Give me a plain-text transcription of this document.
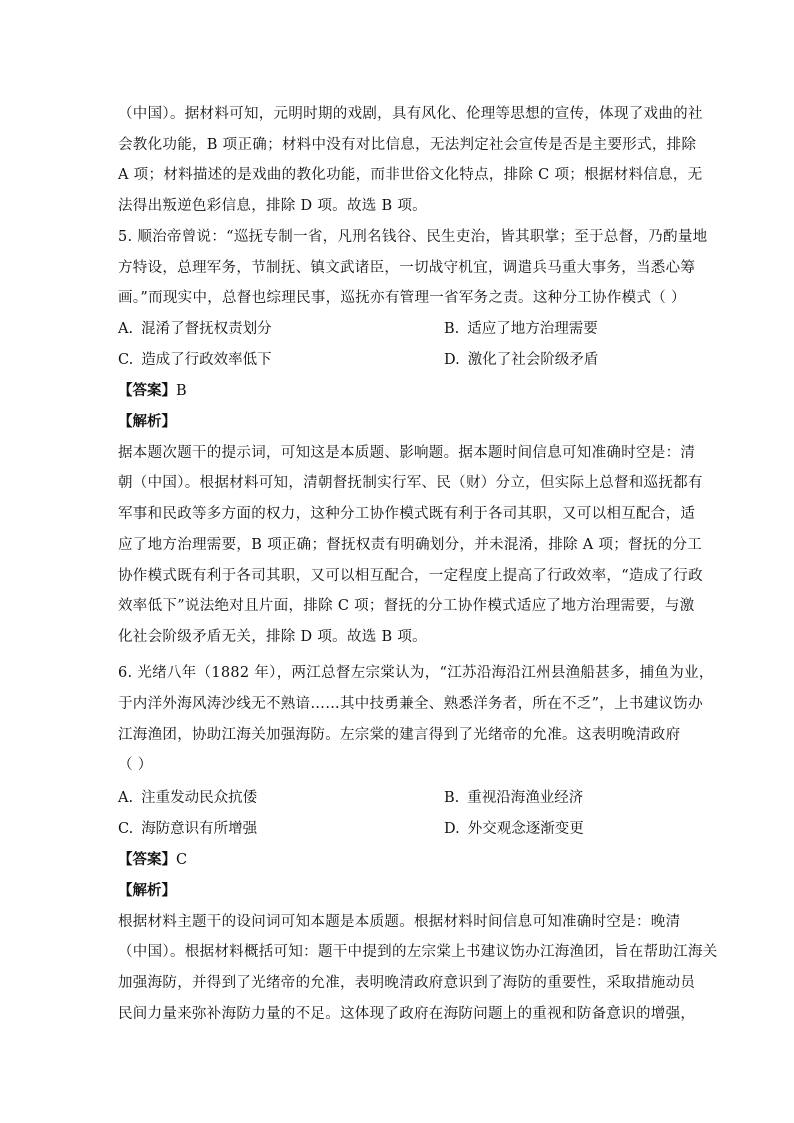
（中国）。据材料可知，元明时期的戏剧，具有风化、伦理等思想的宣传，体现了戏曲的社
会教化功能，B 项正确；材料中没有对比信息，无法判定社会宣传是否是主要形式，排除
A 项；材料描述的是戏曲的教化功能，而非世俗文化特点，排除 C 项；根据材料信息，无
法得出叛逆色彩信息，排除 D 项。故选 B 项。
5. 顺治帝曾说：“巡抚专制一省，凡刑名钱谷、民生吏治，皆其职掌；至于总督，乃酌量地
方特设，总理军务，节制抚、镇文武诸臣，一切战守机宜，调遣兵马重大事务，当悉心筹
画。”而现实中，总督也综理民事，巡抚亦有管理一省军务之责。这种分工协作模式（ ）
A. 混淆了督抚权责划分	B. 适应了地方治理需要
C. 造成了行政效率低下	D. 激化了社会阶级矛盾
【答案】B
【解析】
据本题次题干的提示词，可知这是本质题、影响题。据本题时间信息可知准确时空是：清
朝（中国）。根据材料可知，清朝督抚制实行军、民（财）分立，但实际上总督和巡抚都有
军事和民政等多方面的权力，这种分工协作模式既有利于各司其职，又可以相互配合，适
应了地方治理需要，B 项正确；督抚权责有明确划分，并未混淆，排除 A 项；督抚的分工
协作模式既有利于各司其职，又可以相互配合，一定程度上提高了行政效率，“造成了行政
效率低下”说法绝对且片面，排除 C 项；督抚的分工协作模式适应了地方治理需要，与激
化社会阶级矛盾无关，排除 D 项。故选 B 项。
6. 光绪八年（1882 年），两江总督左宗棠认为，“江苏沿海沿江州县渔船甚多，捕鱼为业，
于内洋外海风涛沙线无不熟谙……其中技勇兼全、熟悉洋务者，所在不乏”，上书建议饬办
江海渔团，协助江海关加强海防。左宗棠的建言得到了光绪帝的允准。这表明晚清政府
（ ）
A. 注重发动民众抗倭	B. 重视沿海渔业经济
C. 海防意识有所增强	D. 外交观念逐渐变更
【答案】C
【解析】
根据材料主题干的设问词可知本题是本质题。根据材料时间信息可知准确时空是：晚清
（中国）。根据材料概括可知：题干中提到的左宗棠上书建议饬办江海渔团，旨在帮助江海关
加强海防，并得到了光绪帝的允准，表明晚清政府意识到了海防的重要性，采取措施动员
民间力量来弥补海防力量的不足。这体现了政府在海防问题上的重视和防备意识的增强，
